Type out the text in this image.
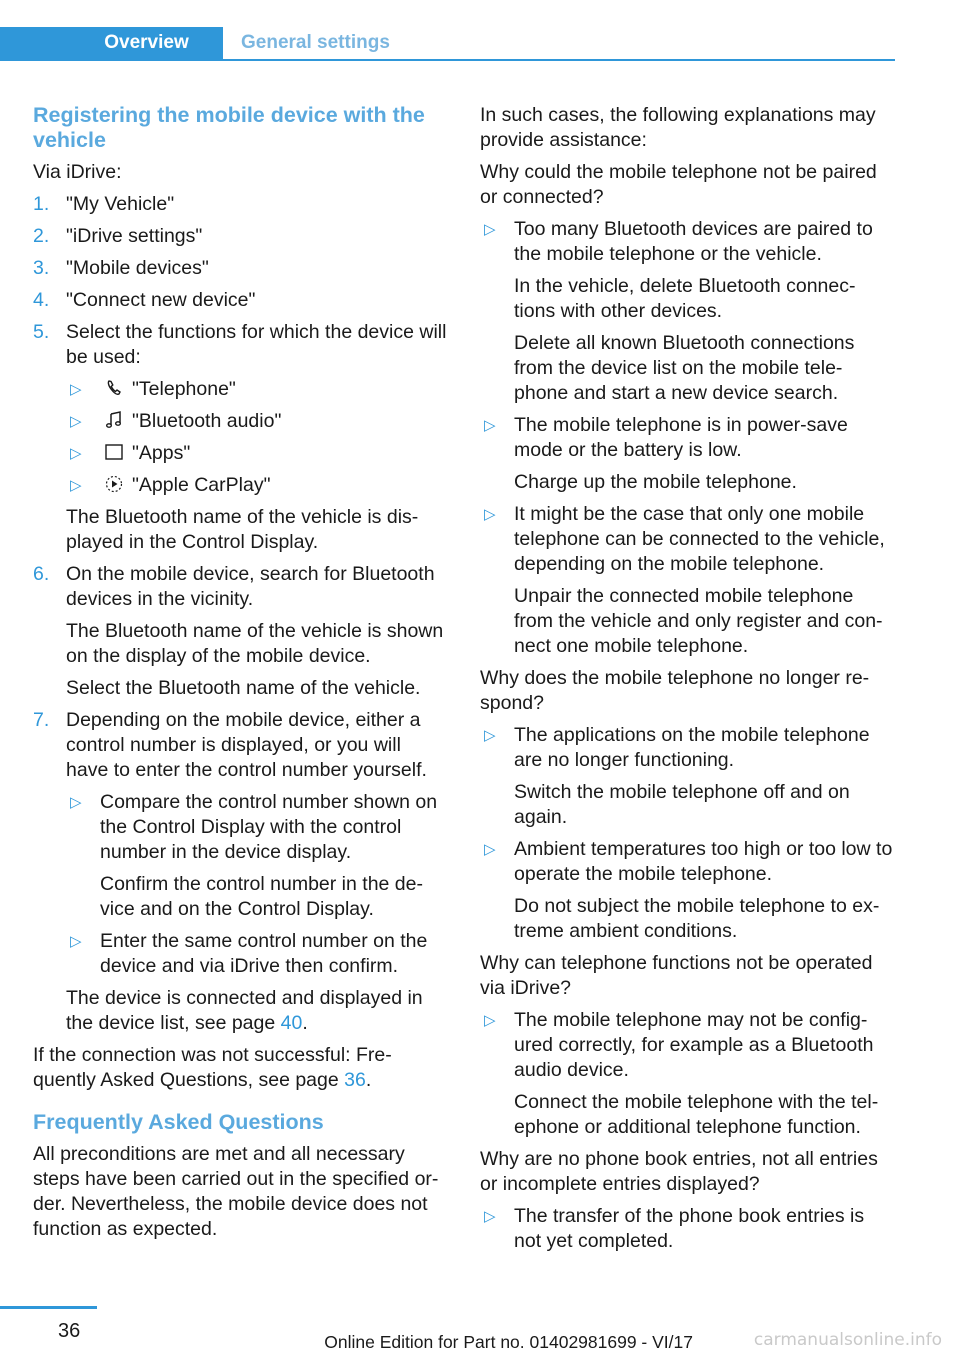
Overview	General settings
Registering the mobile device with the vehicle

Via iDrive:

1. "My Vehicle"
2. "iDrive settings"
3. "Mobile devices"
4. "Connect new device"
5. Select the functions for which the device will be used:
▷	"Telephone"
▷	"Bluetooth audio"
▷	"Apps"
▷	"Apple CarPlay"
The Bluetooth name of the vehicle is dis-played in the Control Display.
6. On the mobile device, search for Bluetooth devices in the vicinity.
The Bluetooth name of the vehicle is shown on the display of the mobile device.
Select the Bluetooth name of the vehicle.
7. Depending on the mobile device, either a control number is displayed, or you will have to enter the control number yourself.
▷ Compare the control number shown on the Control Display with the control number in the device display.
Confirm the control number in the de-vice and on the Control Display.
▷ Enter the same control number on the device and via iDrive then confirm.
The device is connected and displayed in the device list, see page 40.

If the connection was not successful: Fre-quently Asked Questions, see page 36.

Frequently Asked Questions

All preconditions are met and all necessary steps have been carried out in the specified or-der. Nevertheless, the mobile device does not function as expected.

In such cases, the following explanations may provide assistance:

Why could the mobile telephone not be paired or connected?

▷ Too many Bluetooth devices are paired to the mobile telephone or the vehicle.
In the vehicle, delete Bluetooth connec-tions with other devices.
Delete all known Bluetooth connections from the device list on the mobile tele-phone and start a new device search.
▷ The mobile telephone is in power-save mode or the battery is low.
Charge up the mobile telephone.
▷ It might be the case that only one mobile telephone can be connected to the vehicle, depending on the mobile telephone.
Unpair the connected mobile telephone from the vehicle and only register and con-nect one mobile telephone.

Why does the mobile telephone no longer re-spond?

▷ The applications on the mobile telephone are no longer functioning.
Switch the mobile telephone off and on again.
▷ Ambient temperatures too high or too low to operate the mobile telephone.
Do not subject the mobile telephone to ex-treme ambient conditions.

Why can telephone functions not be operated via iDrive?

▷ The mobile telephone may not be config-ured correctly, for example as a Bluetooth audio device.
Connect the mobile telephone with the tel-ephone or additional telephone function.

Why are no phone book entries, not all entries or incomplete entries displayed?

▷ The transfer of the phone book entries is not yet completed.
36	Online Edition for Part no. 01402981699 - VI/17	carmanualsonline.info
